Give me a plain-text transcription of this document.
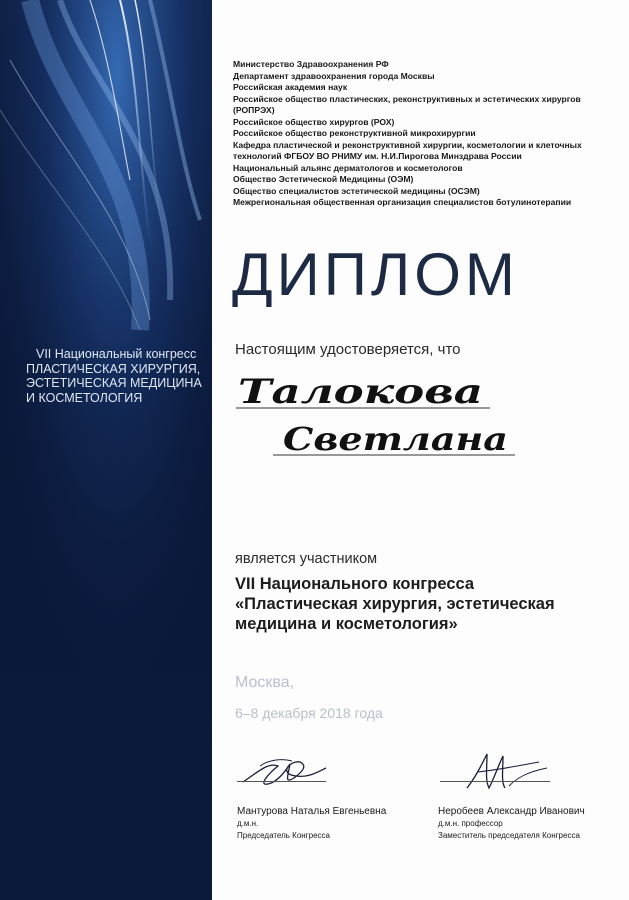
VII Национальный конгресс
ПЛАСТИЧЕСКАЯ ХИРУРГИЯ,
ЭСТЕТИЧЕСКАЯ МЕДИЦИНА
И КОСМЕТОЛОГИЯ
Министерство Здравоохранения РФ
Департамент здравоохранения города Москвы
Российская академия наук
Российское общество пластических, реконструктивных и эстетических хирургов
(РОПРЭХ)
Российское общество хирургов (РОХ)
Российское общество реконструктивной микрохирургии
Кафедра пластической и реконструктивной хирургии, косметологии и клеточных
технологий ФГБОУ ВО РНИМУ им. Н.И.Пирогова Минздрава России
Национальный альянс дерматологов и косметологов
Общество Эстетической Медицины (ОЭМ)
Общество специалистов эстетической медицины (ОСЭМ)
Межрегиональная общественная организация специалистов ботулинотерапии
ДИПЛОМ
Настоящим удостоверяется, что
Талокова
Светлана
является участником
VII Национального конгресса
«Пластическая хирургия, эстетическая
медицина и косметология»
Москва,
6–8 декабря 2018 года
Мантурова Наталья Евгеньевна
д.м.н.
Председатель Конгресса
Неробеев Александр Иванович
д.м.н. профессор
Заместитель председателя Конгресса
